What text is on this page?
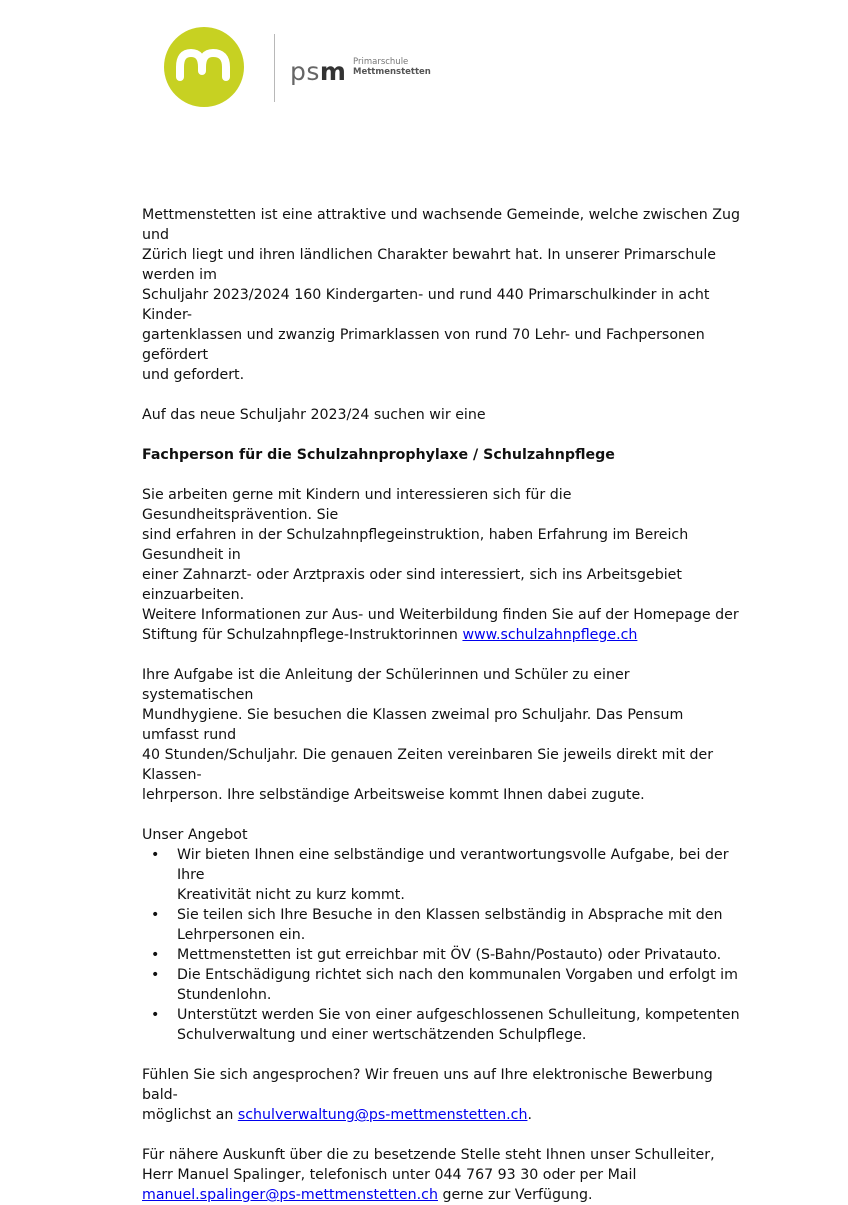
psm Primarschule
Mettmenstetten

Mettmenstetten ist eine attraktive und wachsende Gemeinde, welche zwischen Zug und
Zürich liegt und ihren ländlichen Charakter bewahrt hat. In unserer Primarschule werden im
Schuljahr 2023/2024 160 Kindergarten- und rund 440 Primarschulkinder in acht Kinder-
gartenklassen und zwanzig Primarklassen von rund 70 Lehr- und Fachpersonen gefördert
und gefordert.

Auf das neue Schuljahr 2023/24 suchen wir eine

Fachperson für die Schulzahnprophylaxe / Schulzahnpflege

Sie arbeiten gerne mit Kindern und interessieren sich für die Gesundheitsprävention. Sie
sind erfahren in der Schulzahnpflegeinstruktion, haben Erfahrung im Bereich Gesundheit in
einer Zahnarzt- oder Arztpraxis oder sind interessiert, sich ins Arbeitsgebiet einzuarbeiten.
Weitere Informationen zur Aus- und Weiterbildung finden Sie auf der Homepage der
Stiftung für Schulzahnpflege-Instruktorinnen www.schulzahnpflege.ch

Ihre Aufgabe ist die Anleitung der Schülerinnen und Schüler zu einer systematischen
Mundhygiene. Sie besuchen die Klassen zweimal pro Schuljahr. Das Pensum umfasst rund
40 Stunden/Schuljahr. Die genauen Zeiten vereinbaren Sie jeweils direkt mit der Klassen-
lehrperson. Ihre selbständige Arbeitsweise kommt Ihnen dabei zugute.

Unser Angebot

• Wir bieten Ihnen eine selbständige und verantwortungsvolle Aufgabe, bei der Ihre
Kreativität nicht zu kurz kommt.
• Sie teilen sich Ihre Besuche in den Klassen selbständig in Absprache mit den
Lehrpersonen ein.
• Mettmenstetten ist gut erreichbar mit ÖV (S-Bahn/Postauto) oder Privatauto.
• Die Entschädigung richtet sich nach den kommunalen Vorgaben und erfolgt im
Stundenlohn.
• Unterstützt werden Sie von einer aufgeschlossenen Schulleitung, kompetenten
Schulverwaltung und einer wertschätzenden Schulpflege.

Fühlen Sie sich angesprochen? Wir freuen uns auf Ihre elektronische Bewerbung bald-
möglichst an schulverwaltung@ps-mettmenstetten.ch.

Für nähere Auskunft über die zu besetzende Stelle steht Ihnen unser Schulleiter,
Herr Manuel Spalinger, telefonisch unter 044 767 93 30 oder per Mail
manuel.spalinger@ps-mettmenstetten.ch gerne zur Verfügung.
